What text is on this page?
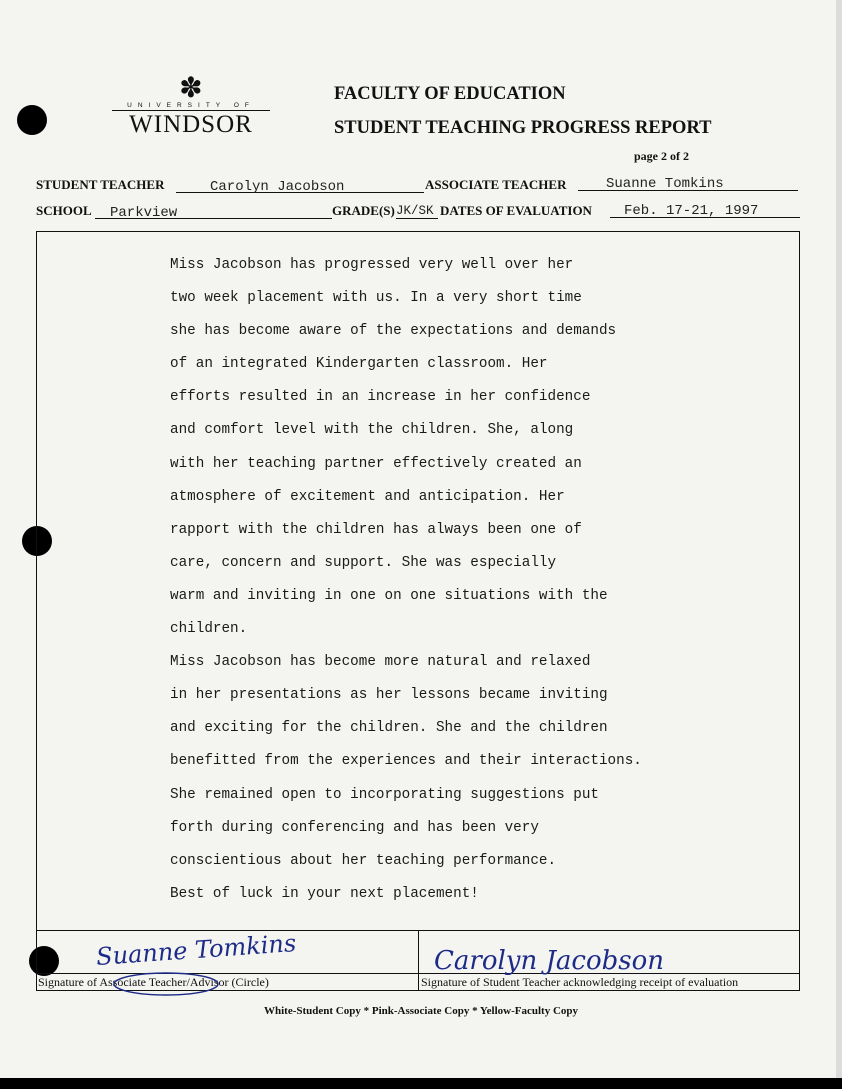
✽
UNIVERSITY OF
WINDSOR
FACULTY OF EDUCATION
STUDENT TEACHING PROGRESS REPORT
page 2 of 2
STUDENT TEACHER	Carolyn Jacobson	ASSOCIATE TEACHER	Suanne Tomkins
SCHOOL Parkview	GRADE(S) JK/SK DATES OF EVALUATION Feb. 17-21, 1997
Miss Jacobson has progressed very well over her
two week placement with us. In a very short time
she has become aware of the expectations and demands
of an integrated Kindergarten classroom. Her
efforts resulted in an increase in her confidence
and comfort level with the children. She, along
with her teaching partner effectively created an
atmosphere of excitement and anticipation. Her
rapport with the children has always been one of
care, concern and support. She was especially
warm and inviting in one on one situations with the
children.
Miss Jacobson has become more natural and relaxed
in her presentations as her lessons became inviting
and exciting for the children. She and the children
benefitted from the experiences and their interactions.
She remained open to incorporating suggestions put
forth during conferencing and has been very
conscientious about her teaching performance.
Best of luck in your next placement!
Suanne Tomkins	Carolyn Jacobson
Signature of Associate Teacher/Advisor (Circle)	Signature of Student Teacher acknowledging receipt of evaluation
White-Student Copy * Pink-Associate Copy * Yellow-Faculty Copy
